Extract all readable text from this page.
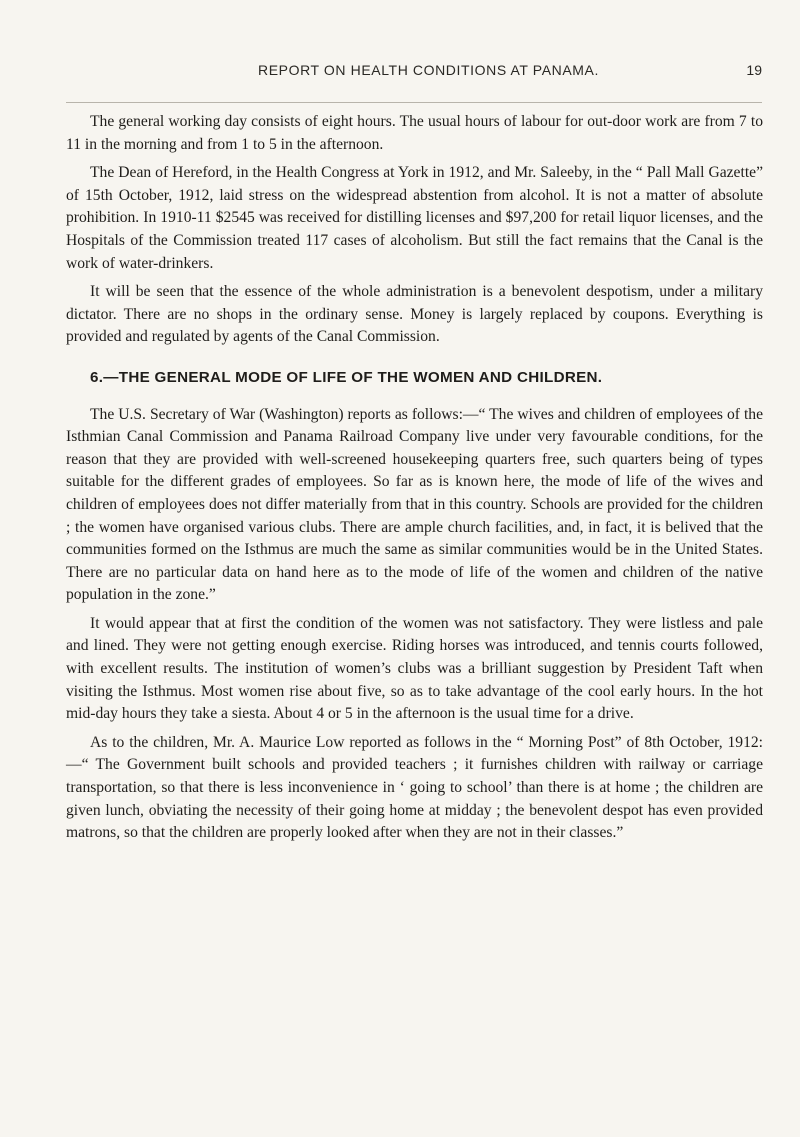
REPORT ON HEALTH CONDITIONS AT PANAMA.	19

The general working day consists of eight hours. The usual hours of labour for out-door work are from 7 to 11 in the morning and from 1 to 5 in the afternoon.

The Dean of Hereford, in the Health Congress at York in 1912, and Mr. Saleeby, in the “ Pall Mall Gazette” of 15th October, 1912, laid stress on the widespread abstention from alcohol. It is not a matter of absolute prohibition. In 1910-11 $2545 was received for distilling licenses and $97,200 for retail liquor licenses, and the Hospitals of the Commission treated 117 cases of alcoholism. But still the fact remains that the Canal is the work of water-drinkers.

It will be seen that the essence of the whole administration is a benevolent despotism, under a military dictator. There are no shops in the ordinary sense. Money is largely replaced by coupons. Everything is provided and regulated by agents of the Canal Commission.

6.—THE GENERAL MODE OF LIFE OF THE WOMEN AND CHILDREN.

The U.S. Secretary of War (Washington) reports as follows:—“ The wives and children of employees of the Isthmian Canal Commission and Panama Railroad Company live under very favourable conditions, for the reason that they are provided with well-screened housekeeping quarters free, such quarters being of types suitable for the different grades of employees. So far as is known here, the mode of life of the wives and children of employees does not differ materially from that in this country. Schools are provided for the children ; the women have organised various clubs. There are ample church facilities, and, in fact, it is belived that the communities formed on the Isthmus are much the same as similar communities would be in the United States. There are no particular data on hand here as to the mode of life of the women and children of the native population in the zone.”

It would appear that at first the condition of the women was not satisfactory. They were listless and pale and lined. They were not getting enough exercise. Riding horses was introduced, and tennis courts followed, with excellent results. The institution of women’s clubs was a brilliant suggestion by President Taft when visiting the Isthmus. Most women rise about five, so as to take advantage of the cool early hours. In the hot mid-day hours they take a siesta. About 4 or 5 in the afternoon is the usual time for a drive.

As to the children, Mr. A. Maurice Low reported as follows in the “ Morning Post” of 8th October, 1912:—“ The Government built schools and provided teachers ; it furnishes children with railway or carriage transportation, so that there is less inconvenience in ‘ going to school’ than there is at home ; the children are given lunch, obviating the necessity of their going home at midday ; the benevolent despot has even provided matrons, so that the children are properly looked after when they are not in their classes.”
